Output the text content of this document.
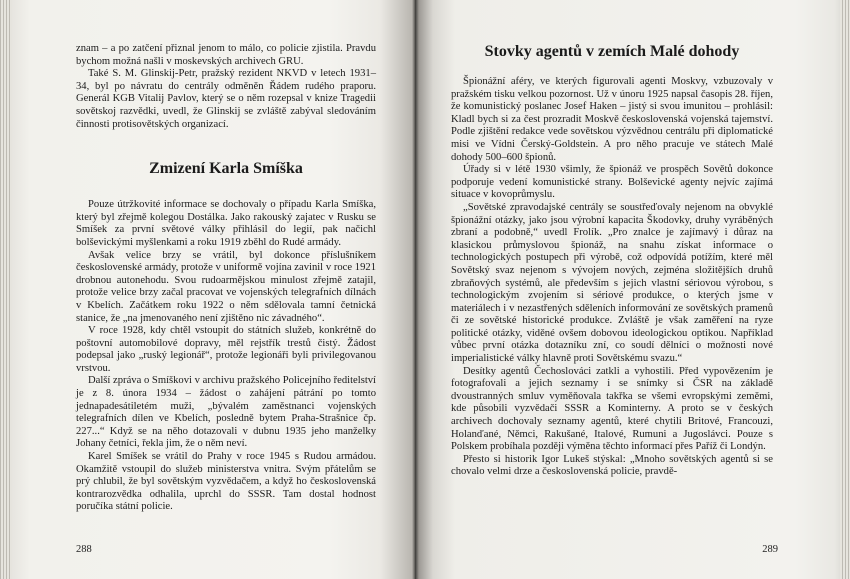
znam – a po zatčení přiznal jenom to málo, co policie zjistila. Pravdu bychom možná našli v moskevských archivech GRU.

Také S. M. Glinskij-Petr, pražský rezident NKVD v letech 1931–34, byl po návratu do centrály odměněn Řádem rudého praporu. Generál KGB Vitalij Pavlov, který se o něm rozepsal v knize Tragedii sovětskoj razvědki, uvedl, že Glinskij se zvláště zabýval sledováním činnosti protisovětských organizací.

Zmizení Karla Smíška

Pouze útržkovité informace se dochovaly o případu Karla Smíška, který byl zřejmě kolegou Dostálka. Jako rakouský zajatec v Rusku se Smíšek za první světové války přihlásil do legií, pak načichl bolševickými myšlenkami a roku 1919 zběhl do Rudé armády.

Avšak velice brzy se vrátil, byl dokonce příslušníkem československé armády, protože v uniformě vojína zavinil v roce 1921 drobnou autonehodu. Svou rudoarmějskou minulost zřejmě zatajil, protože velice brzy začal pracovat ve vojenských telegrafních dílnách v Kbelích. Začátkem roku 1922 o něm sdělovala tamní četnická stanice, že „na jmenovaného není zjištěno nic závadného“.

V roce 1928, kdy chtěl vstoupit do státních služeb, konkrétně do poštovní automobilové dopravy, měl rejstřík trestů čistý. Žádost podepsal jako „ruský legionář“, protože legionáři byli privilegovanou vrstvou.

Další zpráva o Smíškovi v archivu pražského Policejního ředitelství je z 8. února 1934 – žádost o zahájení pátrání po tomto jednapadesátiletém muži, „bývalém zaměstnanci vojenských telegrafních dílen ve Kbelích, posledně bytem Praha-Strašnice čp. 227...“ Když se na něho dotazovali v dubnu 1935 jeho manželky Johany četníci, řekla jim, že o něm neví.

Karel Smíšek se vrátil do Prahy v roce 1945 s Rudou armádou. Okamžitě vstoupil do služeb ministerstva vnitra. Svým přátelům se prý chlubil, že byl sovětským vyzvědačem, a když ho československá kontrarozvědka odhalila, uprchl do SSSR. Tam dostal hodnost poručíka státní policie.

288
Stovky agentů v zemích Malé dohody

Špionážní aféry, ve kterých figurovali agenti Moskvy, vzbuzovaly v pražském tisku velkou pozornost. Už v únoru 1925 napsal časopis 28. říjen, že komunistický poslanec Josef Haken – jistý si svou imunitou – prohlásil: Kladl bych si za čest prozradit Moskvě československá vojenská tajemství. Podle zjištění redakce vede sovětskou výzvědnou centrálu při diplomatické misi ve Vídni Čerský-Goldstein. A pro něho pracuje ve státech Malé dohody 500–600 špionů.

Úřady si v létě 1930 všimly, že špionáž ve prospěch Sovětů dokonce podporuje vedení komunistické strany. Bolševické agenty nejvíc zajímá situace v kovoprůmyslu.

„Sovětské zpravodajské centrály se soustřeďovaly nejenom na obvyklé špionážní otázky, jako jsou výrobní kapacita Škodovky, druhy vyráběných zbraní a podobně,“ uvedl Frolík. „Pro znalce je zajímavý i důraz na klasickou průmyslovou špionáž, na snahu získat informace o technologických postupech při výrobě, což odpovídá potížím, které měl Sovětský svaz nejenom s vývojem nových, zejména složitějších druhů zbraňových systémů, ale především s jejich vlastní sériovou výrobou, s technologickým zvojením si sériové produkce, o kterých jsme v materiálech i v nezastřených sděleních informování ze sovětských pramenů či ze sovětské historické produkce. Zvláště je však zaměření na ryze politické otázky, viděné ovšem dobovou ideologickou optikou. Například vůbec první otázka dotazníku zní, co soudí dělníci o možnosti nové imperialistické války hlavně proti Sovětskému svazu.“

Desítky agentů Čechoslováci zatkli a vyhostili. Před vypovězením je fotografovali a jejich seznamy i se snímky si ČSR na základě dvoustranných smluv vyměňovala takřka se všemi evropskými zeměmi, kde působili vyzvědači SSSR a Kominterny. A proto se v českých archivech dochovaly seznamy agentů, které chytili Britové, Francouzi, Holanďané, Němci, Rakušané, Italové, Rumuni a Jugoslávci. Pouze s Polskem probíhala později výměna těchto informací přes Paříž či Londýn.

Přesto si historik Igor Lukeš stýskal: „Mnoho sovětských agentů si se chovalo velmi drze a československá policie, pravdě-

289
